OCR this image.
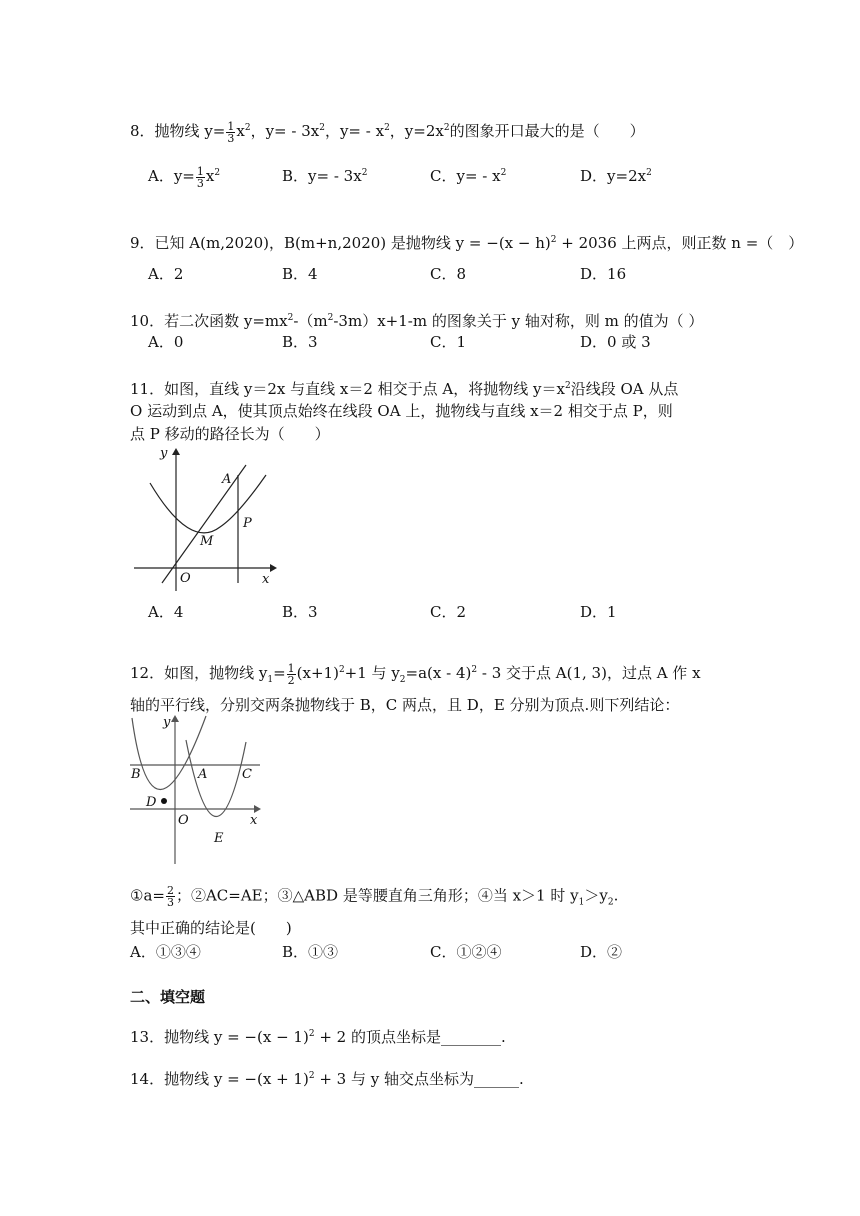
8．抛物线 $y= \frac{1}{3} x^2$，$y= - 3x^2$，$y= - x^2$，$y=2x^2$的图象开口最大的是（　　）
A．$y= \frac{1}{3} x^2$	B．$y= - 3x^2$	C．$y= - x^2$	D．$y=2x^2$
9．已知 A(m,2020)，B(m+n,2020) 是抛物线 $y = -(x - h)^2 + 2036$ 上两点，则正数 n =（　）
A．2	B．4	C．8	D．16
10．若二次函数 $y=mx^2-(m^2-3m)x+1-m$ 的图象关于 y 轴对称，则 m 的值为（ ）
A．0	B．3	C．1	D．0 或 3
11．如图，直线 y＝2x 与直线 x＝2 相交于点 A，将抛物线 $y=x^2$沿线段 OA 从点
O 运动到点 A，使其顶点始终在线段 OA 上，抛物线与直线 x＝2 相交于点 P，则
点 P 移动的路径长为（　　）
y
x
O
A
P
M
A．4	B．3	C．2	D．1
12．如图，抛物线 $y_1= \frac{1}{2} (x+1)^2+1$ 与 $y_2=a(x - 4)^2 - 3$ 交于点 A(1, 3)，过点 A 作 x
轴的平行线，分别交两条抛物线于 B，C 两点，且 D，E 分别为顶点.则下列结论：
y
x
O
A
B	C
D
E
①a= $\frac{2}{3}$ ；②AC=AE；③△ABD 是等腰直角三角形；④当 x＞1 时 $y_1>y_2$.
其中正确的结论是(　　)
A．①③④	B．①③	C．①②④	D．②
二、填空题
13．抛物线 $y = -(x - 1)^2 + 2$ 的顶点坐标是________.
14．抛物线 $y = -(x + 1)^2 + 3$ 与 y 轴交点坐标为______.
